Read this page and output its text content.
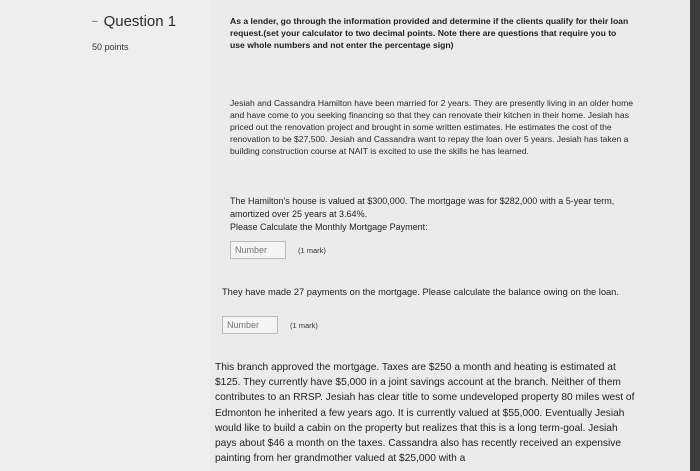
– Question 1
50 points

As a lender, go through the information provided and determine if the clients qualify for their loan request.(set your calculator to two decimal points. Note there are questions that require you to use whole numbers and not enter the percentage sign)

Jesiah and Cassandra Hamilton have been married for 2 years. They are presently living in an older home and have come to you seeking financing so that they can renovate their kitchen in their home. Jesiah has priced out the renovation project and brought in some written estimates. He estimates the cost of the renovation to be $27,500. Jesiah and Cassandra want to repay the loan over 5 years. Jesiah has taken a building construction course at NAIT is excited to use the skills he has learned.

The Hamilton's house is valued at $300,000. The mortgage was for $282,000 with a 5-year term, amortized over 25 years at 3.64%.
Please Calculate the Monthly Mortgage Payment:

Number
(1 mark)

They have made 27 payments on the mortgage. Please calculate the balance owing on the loan.

Number
(1 mark)

This branch approved the mortgage. Taxes are $250 a month and heating is estimated at $125. They currently have $5,000 in a joint savings account at the branch. Neither of them contributes to an RRSP. Jesiah has clear title to some undeveloped property 80 miles west of Edmonton he inherited a few years ago. It is currently valued at $55,000. Eventually Jesiah would like to build a cabin on the property but realizes that this is a long term-goal. Jesiah pays about $46 a month on the taxes. Cassandra also has recently received an expensive painting from her grandmother valued at $25,000 with a
